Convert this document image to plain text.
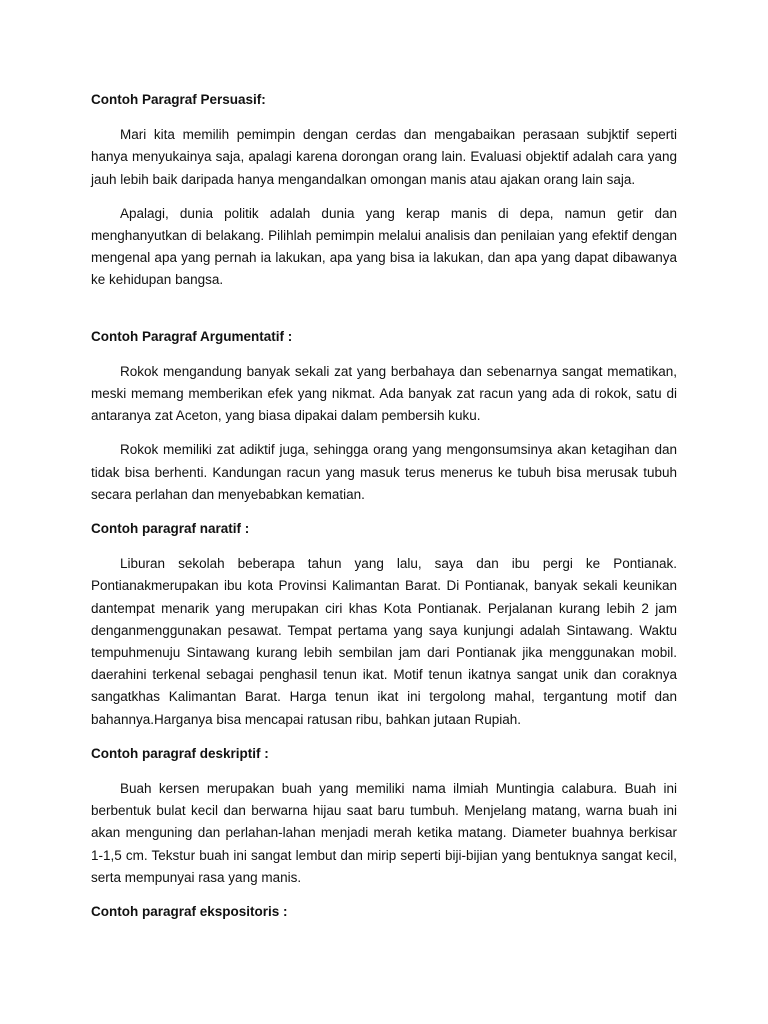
Contoh Paragraf Persuasif:

Mari kita memilih pemimpin dengan cerdas dan mengabaikan perasaan subjktif seperti hanya menyukainya saja, apalagi karena dorongan orang lain. Evaluasi objektif adalah cara yang jauh lebih baik daripada hanya mengandalkan omongan manis atau ajakan orang lain saja.

Apalagi, dunia politik adalah dunia yang kerap manis di depa, namun getir dan menghanyutkan di belakang. Pilihlah pemimpin melalui analisis dan penilaian yang efektif dengan mengenal apa yang pernah ia lakukan, apa yang bisa ia lakukan, dan apa yang dapat dibawanya ke kehidupan bangsa.

Contoh Paragraf Argumentatif :

Rokok mengandung banyak sekali zat yang berbahaya dan sebenarnya sangat mematikan, meski memang memberikan efek yang nikmat. Ada banyak zat racun yang ada di rokok, satu di antaranya zat Aceton, yang biasa dipakai dalam pembersih kuku.

Rokok memiliki zat adiktif juga, sehingga orang yang mengonsumsinya akan ketagihan dan tidak bisa berhenti. Kandungan racun yang masuk terus menerus ke tubuh bisa merusak tubuh secara perlahan dan menyebabkan kematian.

Contoh paragraf naratif :

Liburan sekolah beberapa tahun yang lalu, saya dan ibu pergi ke Pontianak. Pontianakmerupakan ibu kota Provinsi Kalimantan Barat. Di Pontianak, banyak sekali keunikan dantempat menarik yang merupakan ciri khas Kota Pontianak. Perjalanan kurang lebih 2 jam denganmenggunakan pesawat. Tempat pertama yang saya kunjungi adalah Sintawang. Waktu tempuhmenuju Sintawang kurang lebih sembilan jam dari Pontianak jika menggunakan mobil. daerahini terkenal sebagai penghasil tenun ikat. Motif tenun ikatnya sangat unik dan coraknya sangatkhas Kalimantan Barat. Harga tenun ikat ini tergolong mahal, tergantung motif dan bahannya.Harganya bisa mencapai ratusan ribu, bahkan jutaan Rupiah.

Contoh paragraf deskriptif :

Buah kersen merupakan buah yang memiliki nama ilmiah Muntingia calabura. Buah ini berbentuk bulat kecil dan berwarna hijau saat baru tumbuh. Menjelang matang, warna buah ini akan menguning dan perlahan-lahan menjadi merah ketika matang. Diameter buahnya berkisar 1-1,5 cm. Tekstur buah ini sangat lembut dan mirip seperti biji-bijian yang bentuknya sangat kecil, serta mempunyai rasa yang manis.

Contoh paragraf ekspositoris :
